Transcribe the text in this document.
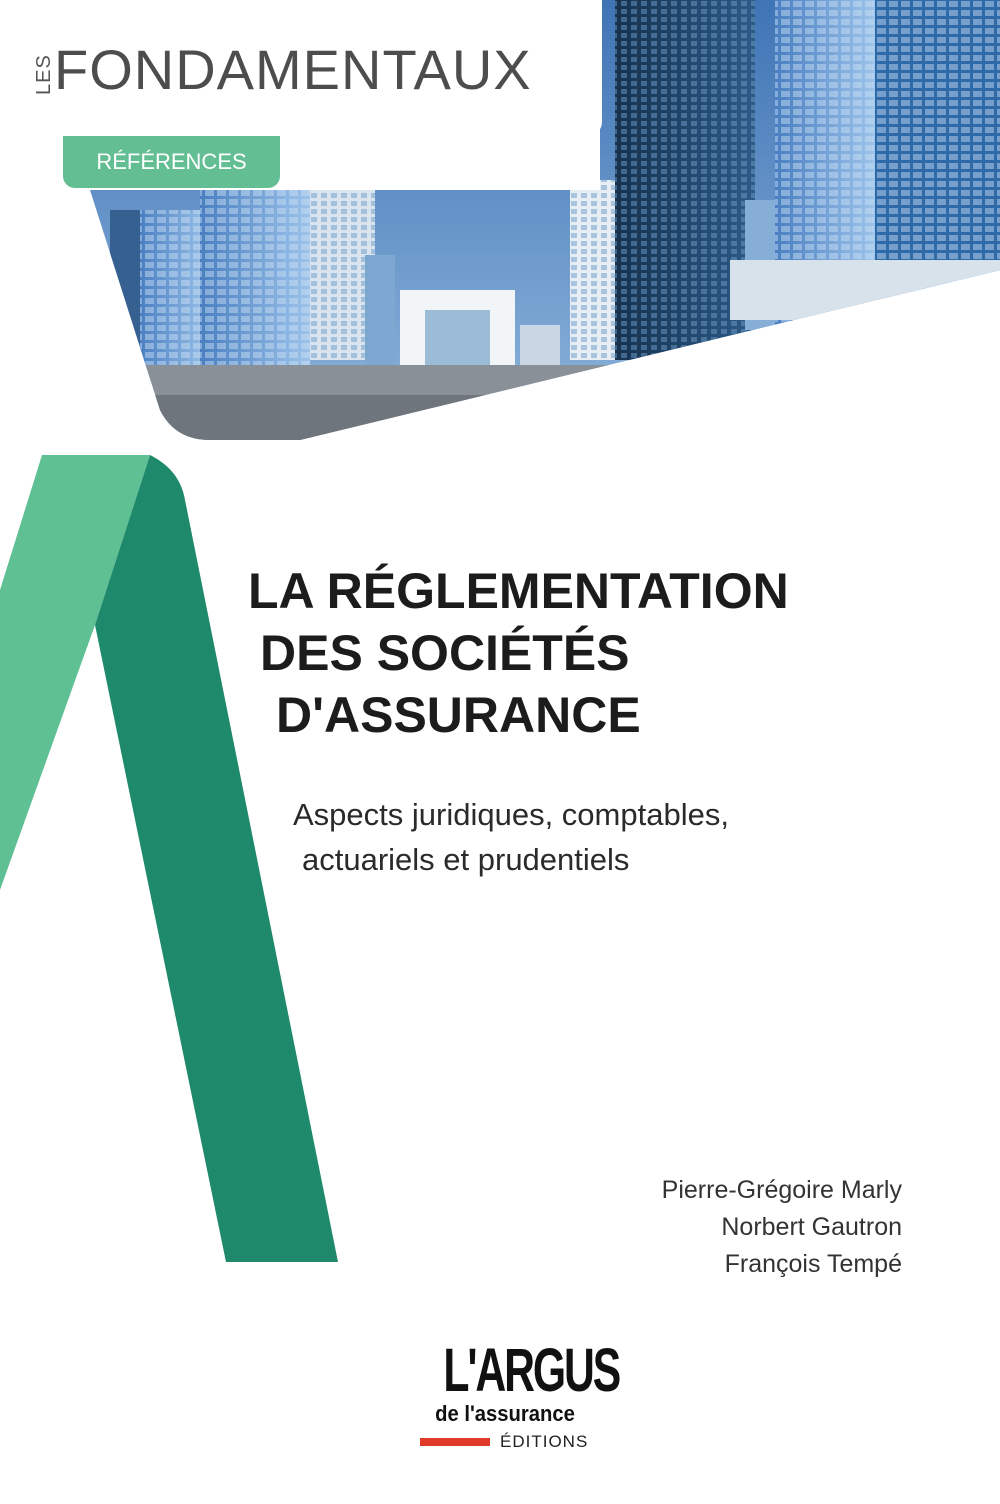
LES FONDAMENTAUX
RÉFÉRENCES
LA RÉGLEMENTATION
DES SOCIÉTÉS
D'ASSURANCE
Aspects juridiques, comptables,
actuariels et prudentiels
Pierre-Grégoire Marly
Norbert Gautron
François Tempé
L'ARGUS
de l'assurance
ÉDITIONS
